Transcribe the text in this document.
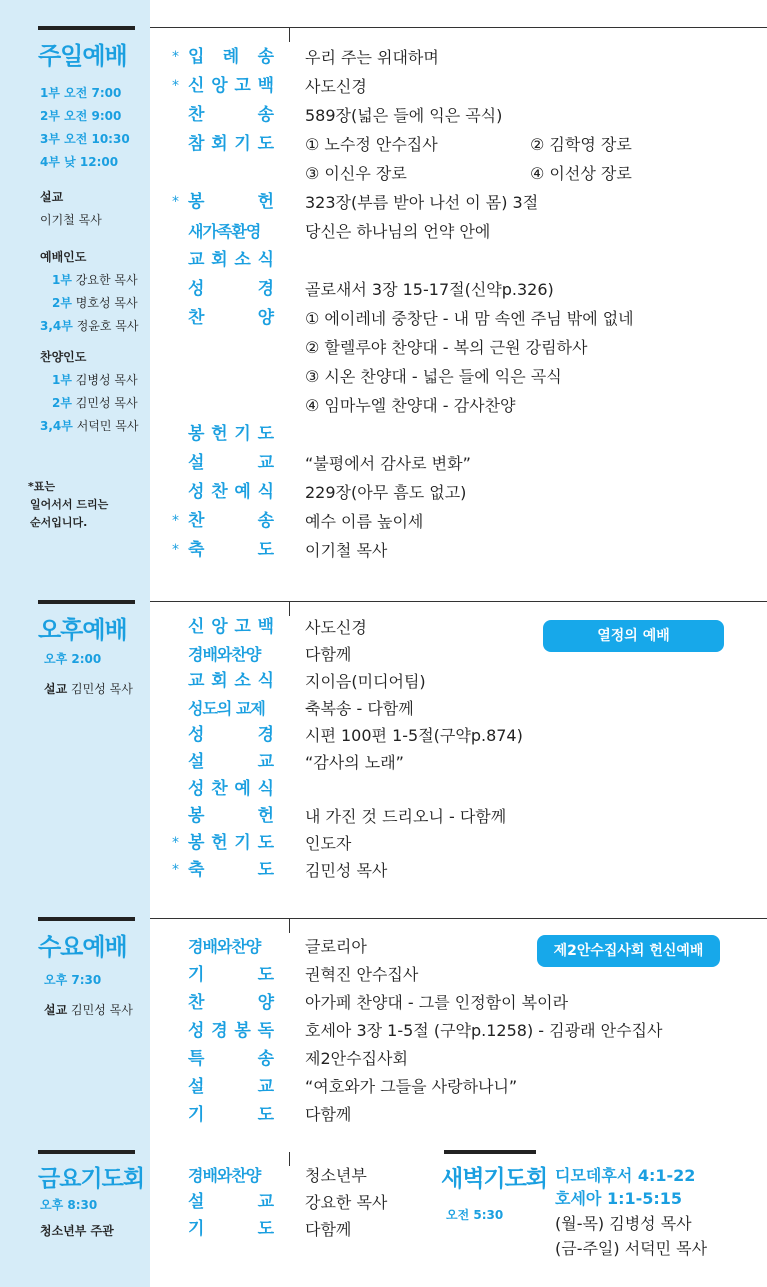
주일예배
1부 오전 7:00
2부 오전 9:00
3부 오전 10:30
4부 낮 12:00
설교
이기철 목사
예배인도
1부 강요한 목사
2부 명호성 목사
3,4부 정윤호 목사
찬양인도
1부 김병성 목사
2부 김민성 목사
3,4부 서덕민 목사
*표는
일어서서 드리는
순서입니다.
* 입 례 송 우리 주는 위대하며
* 신 앙 고 백 사도신경
찬	송 589장(넓은 들에 익은 곡식)
참 회 기 도 ① 노수정 안수집사	② 김학영 장로
③ 이신우 장로	④ 이선상 장로
* 봉	헌 323장(부름 받아 나선 이 몸) 3절
새가족환영	당신은 하나님의 언약 안에
교 회 소 식
성	경 골로새서 3장 15-17절(신약p.326)
찬	양 ① 에이레네 중창단 - 내 맘 속엔 주님 밖에 없네
② 할렐루야 찬양대 - 복의 근원 강림하사
③ 시온 찬양대 - 넓은 들에 익은 곡식
④ 임마누엘 찬양대 - 감사찬양
봉 헌 기 도
설	교 “불평에서 감사로 변화”
성 찬 예 식 229장(아무 흠도 없고)
* 찬	송 예수 이름 높이세
* 축	도 이기철 목사
오후예배
오후 2:00
설교 김민성 목사
열정의 예배
신 앙 고 백 사도신경
경배와찬양	다함께
교 회 소 식 지이음(미디어팀)
성도의 교제	축복송 - 다함께
성	경 시편 100편 1-5절(구약p.874)
설	교 “감사의 노래”
성 찬 예 식
봉	헌 내 가진 것 드리오니 - 다함께
* 봉 헌 기 도 인도자
* 축	도 김민성 목사
수요예배
오후 7:30
설교 김민성 목사
제2안수집사회 헌신예배
경배와찬양	글로리아
기	도 권혁진 안수집사
찬	양 아가페 찬양대 - 그를 인정함이 복이라
성 경 봉 독 호세아 3장 1-5절 (구약p.1258) - 김광래 안수집사
특	송 제2안수집사회
설	교 “여호와가 그들을 사랑하나니”
기	도 다함께
금요기도회
오후 8:30
청소년부 주관
경배와찬양	청소년부
설	교 강요한 목사
기	도 다함께
새벽기도회
오전 5:30
디모데후서 4:1-22
호세아 1:1-5:15
(월-목) 김병성 목사
(금-주일) 서덕민 목사
